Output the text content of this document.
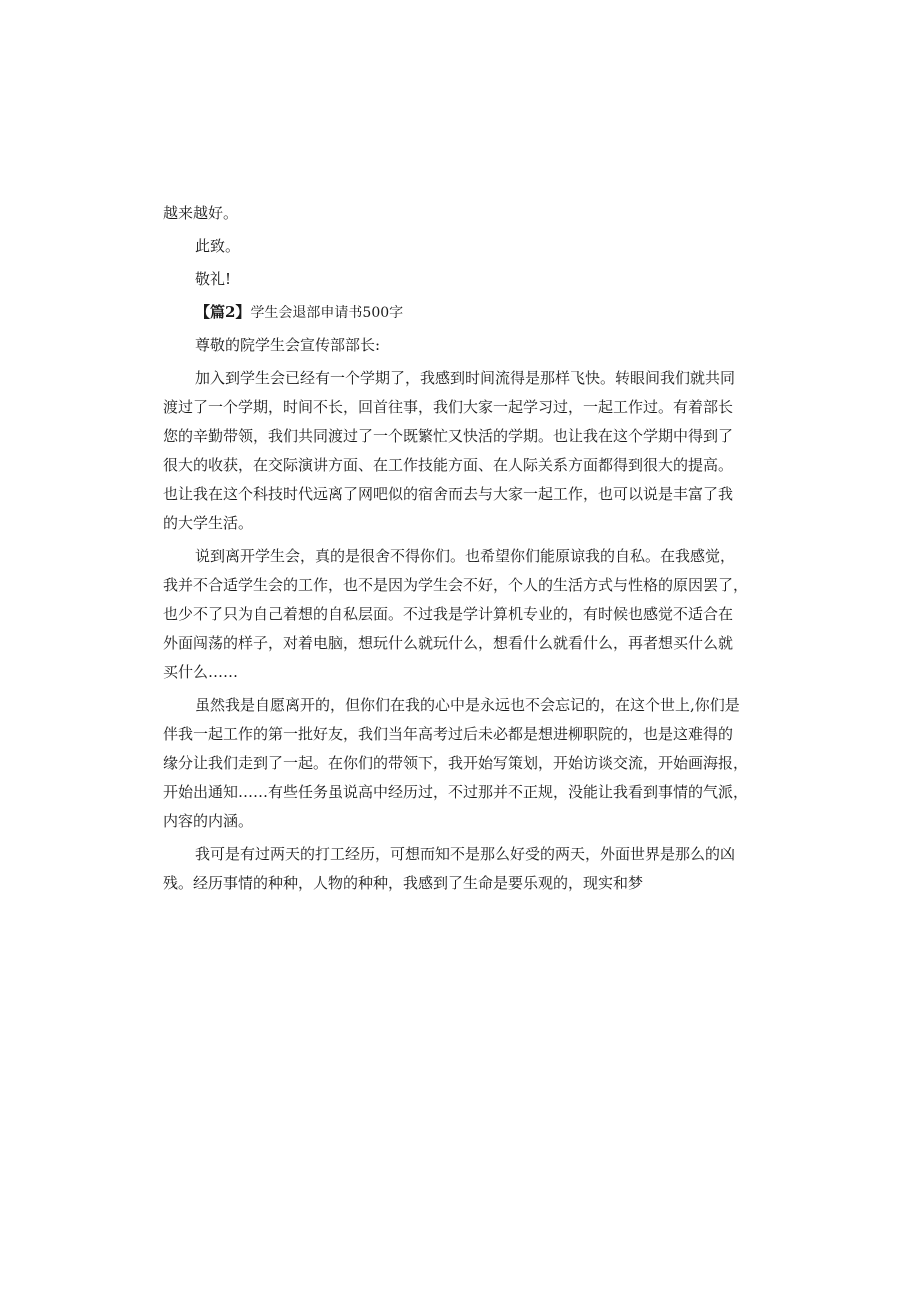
越来越好。
此致。
敬礼!
【篇2】学生会退部申请书500字
尊敬的院学生会宣传部部长:
加入到学生会已经有一个学期了，我感到时间流得是那样飞快。转眼间我们就共同
渡过了一个学期，时间不长，回首往事，我们大家一起学习过，一起工作过。有着部长
您的辛勤带领，我们共同渡过了一个既繁忙又快活的学期。也让我在这个学期中得到了
很大的收获，在交际演讲方面、在工作技能方面、在人际关系方面都得到很大的提高。
也让我在这个科技时代远离了网吧似的宿舍而去与大家一起工作，也可以说是丰富了我
的大学生活。
说到离开学生会，真的是很舍不得你们。也希望你们能原谅我的自私。在我感觉，
我并不合适学生会的工作，也不是因为学生会不好，个人的生活方式与性格的原因罢了，
也少不了只为自己着想的自私层面。不过我是学计算机专业的，有时候也感觉不适合在
外面闯荡的样子，对着电脑，想玩什么就玩什么，想看什么就看什么，再者想买什么就
买什么……
虽然我是自愿离开的，但你们在我的心中是永远也不会忘记的，在这个世上,你们是
伴我一起工作的第一批好友，我们当年高考过后未必都是想进柳职院的，也是这难得的
缘分让我们走到了一起。在你们的带领下，我开始写策划，开始访谈交流，开始画海报，
开始出通知……有些任务虽说高中经历过，不过那并不正规，没能让我看到事情的气派，
内容的内涵。
我可是有过两天的打工经历，可想而知不是那么好受的两天，外面世界是那么的凶
残。经历事情的种种，人物的种种，我感到了生命是要乐观的，现实和梦
